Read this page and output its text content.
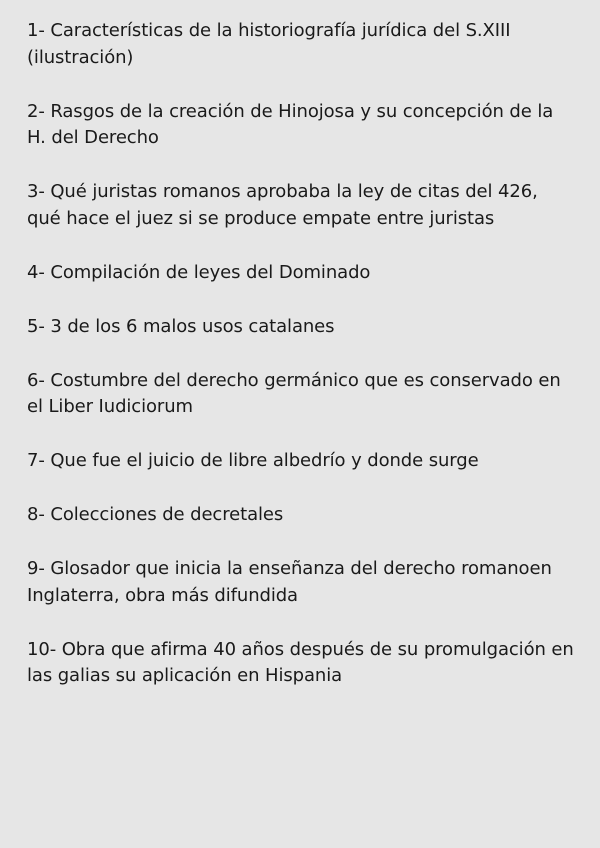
1- Características de la historiografía jurídica del S.XIII (ilustración)
2- Rasgos de la creación de Hinojosa y su concepción de la H. del Derecho
3- Qué juristas romanos aprobaba la ley de citas del 426, qué hace el juez si se produce empate entre juristas
4- Compilación de leyes del Dominado
5- 3 de los 6 malos usos catalanes
6- Costumbre del derecho germánico que es conservado en el Liber Iudiciorum
7- Que fue el juicio de libre albedrío y donde surge
8- Colecciones de decretales
9- Glosador que inicia la enseñanza del derecho romanoen Inglaterra, obra más difundida
10- Obra que afirma 40 años después de su promulgación en las galias su aplicación en Hispania
